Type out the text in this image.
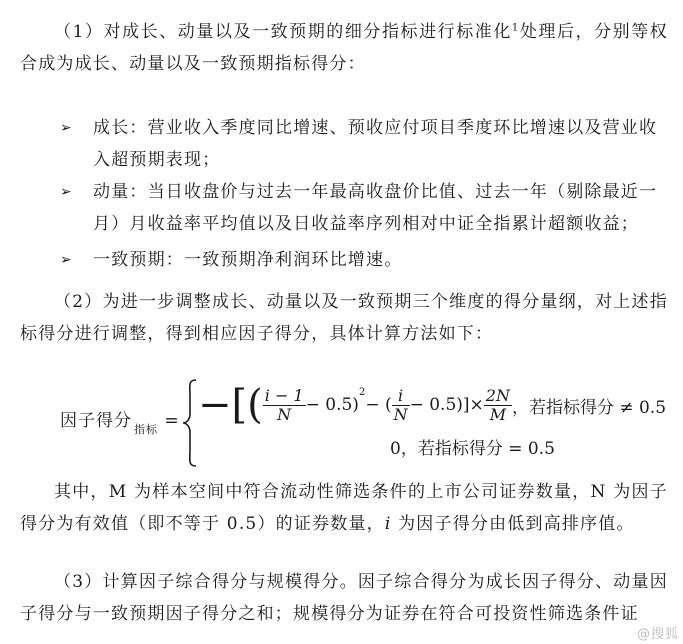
（1）对成长、动量以及一致预期的细分指标进行标准化$^1$处理后，分别等权合成为成长、动量以及一致预期指标得分：
➢ 成长：营业收入季度同比增速、预收应付项目季度环比增速以及营业收入超预期表现；
➢ 动量：当日收盘价与过去一年最高收盘价比值、过去一年（剔除最近一月）月收益率平均值以及日收益率序列相对中证全指累计超额收益；
➢ 一致预期：一致预期净利润环比增速。
（2）为进一步调整成长、动量以及一致预期三个维度的得分量纲，对上述指标得分进行调整，得到相应因子得分，具体计算方法如下：
因子得分 $_{指标}$ = −[( $\frac{i - 1}{N} - 0.5$)
$^2$
− ( $\frac{i}{N} - 0.5)] \times \frac{2N}{M}$ ，若指标得分 ≠ 0.5
0，若指标得分 = 0.5
其中，M 为样本空间中符合流动性筛选条件的上市公司证券数量，N 为因子得分为有效值（即不等于 0.5）的证券数量，i 为因子得分由低到高排序值。
（3）计算因子综合得分与规模得分。因子综合得分为成长因子得分、动量因子得分与一致预期因子得分之和；规模得分为证券在符合可投资性筛选条件证
@搜狐
